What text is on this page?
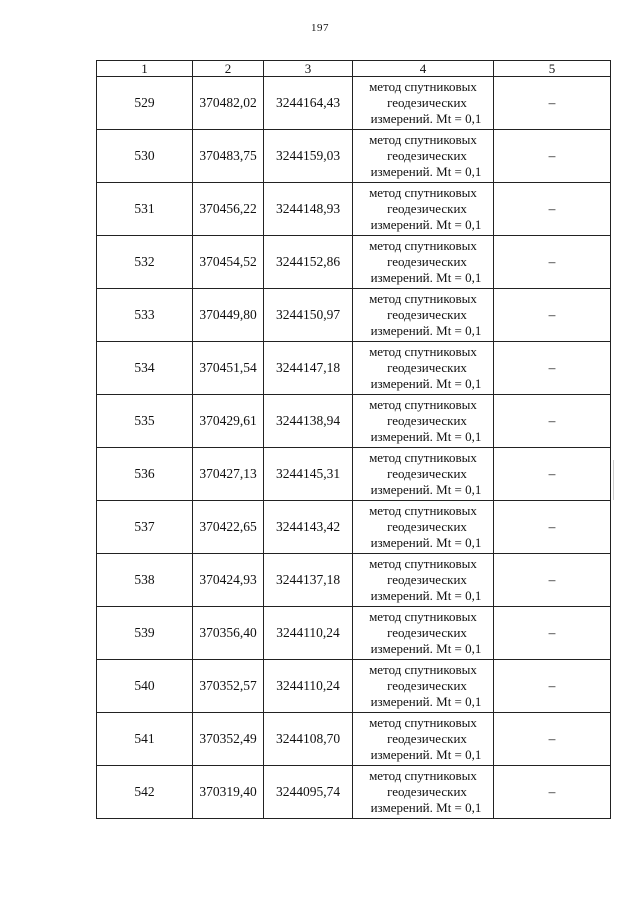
197
1	2	3	4	5
529	370482,02	3244164,43	метод спутниковых
геодезических
измерений. Mt = 0,1	–
530	370483,75	3244159,03	метод спутниковых
геодезических
измерений. Mt = 0,1	–
531	370456,22	3244148,93	метод спутниковых
геодезических
измерений. Mt = 0,1	–
532	370454,52	3244152,86	метод спутниковых
геодезических
измерений. Mt = 0,1	–
533	370449,80	3244150,97	метод спутниковых
геодезических
измерений. Mt = 0,1	–
534	370451,54	3244147,18	метод спутниковых
геодезических
измерений. Mt = 0,1	–
535	370429,61	3244138,94	метод спутниковых
геодезических
измерений. Mt = 0,1	–
536	370427,13	3244145,31	метод спутниковых
геодезических
измерений. Mt = 0,1	–
537	370422,65	3244143,42	метод спутниковых
геодезических
измерений. Mt = 0,1	–
538	370424,93	3244137,18	метод спутниковых
геодезических
измерений. Mt = 0,1	–
539	370356,40	3244110,24	метод спутниковых
геодезических
измерений. Mt = 0,1	–
540	370352,57	3244110,24	метод спутниковых
геодезических
измерений. Mt = 0,1	–
541	370352,49	3244108,70	метод спутниковых
геодезических
измерений. Mt = 0,1	–
542	370319,40	3244095,74	метод спутниковых
геодезических
измерений. Mt = 0,1	–
